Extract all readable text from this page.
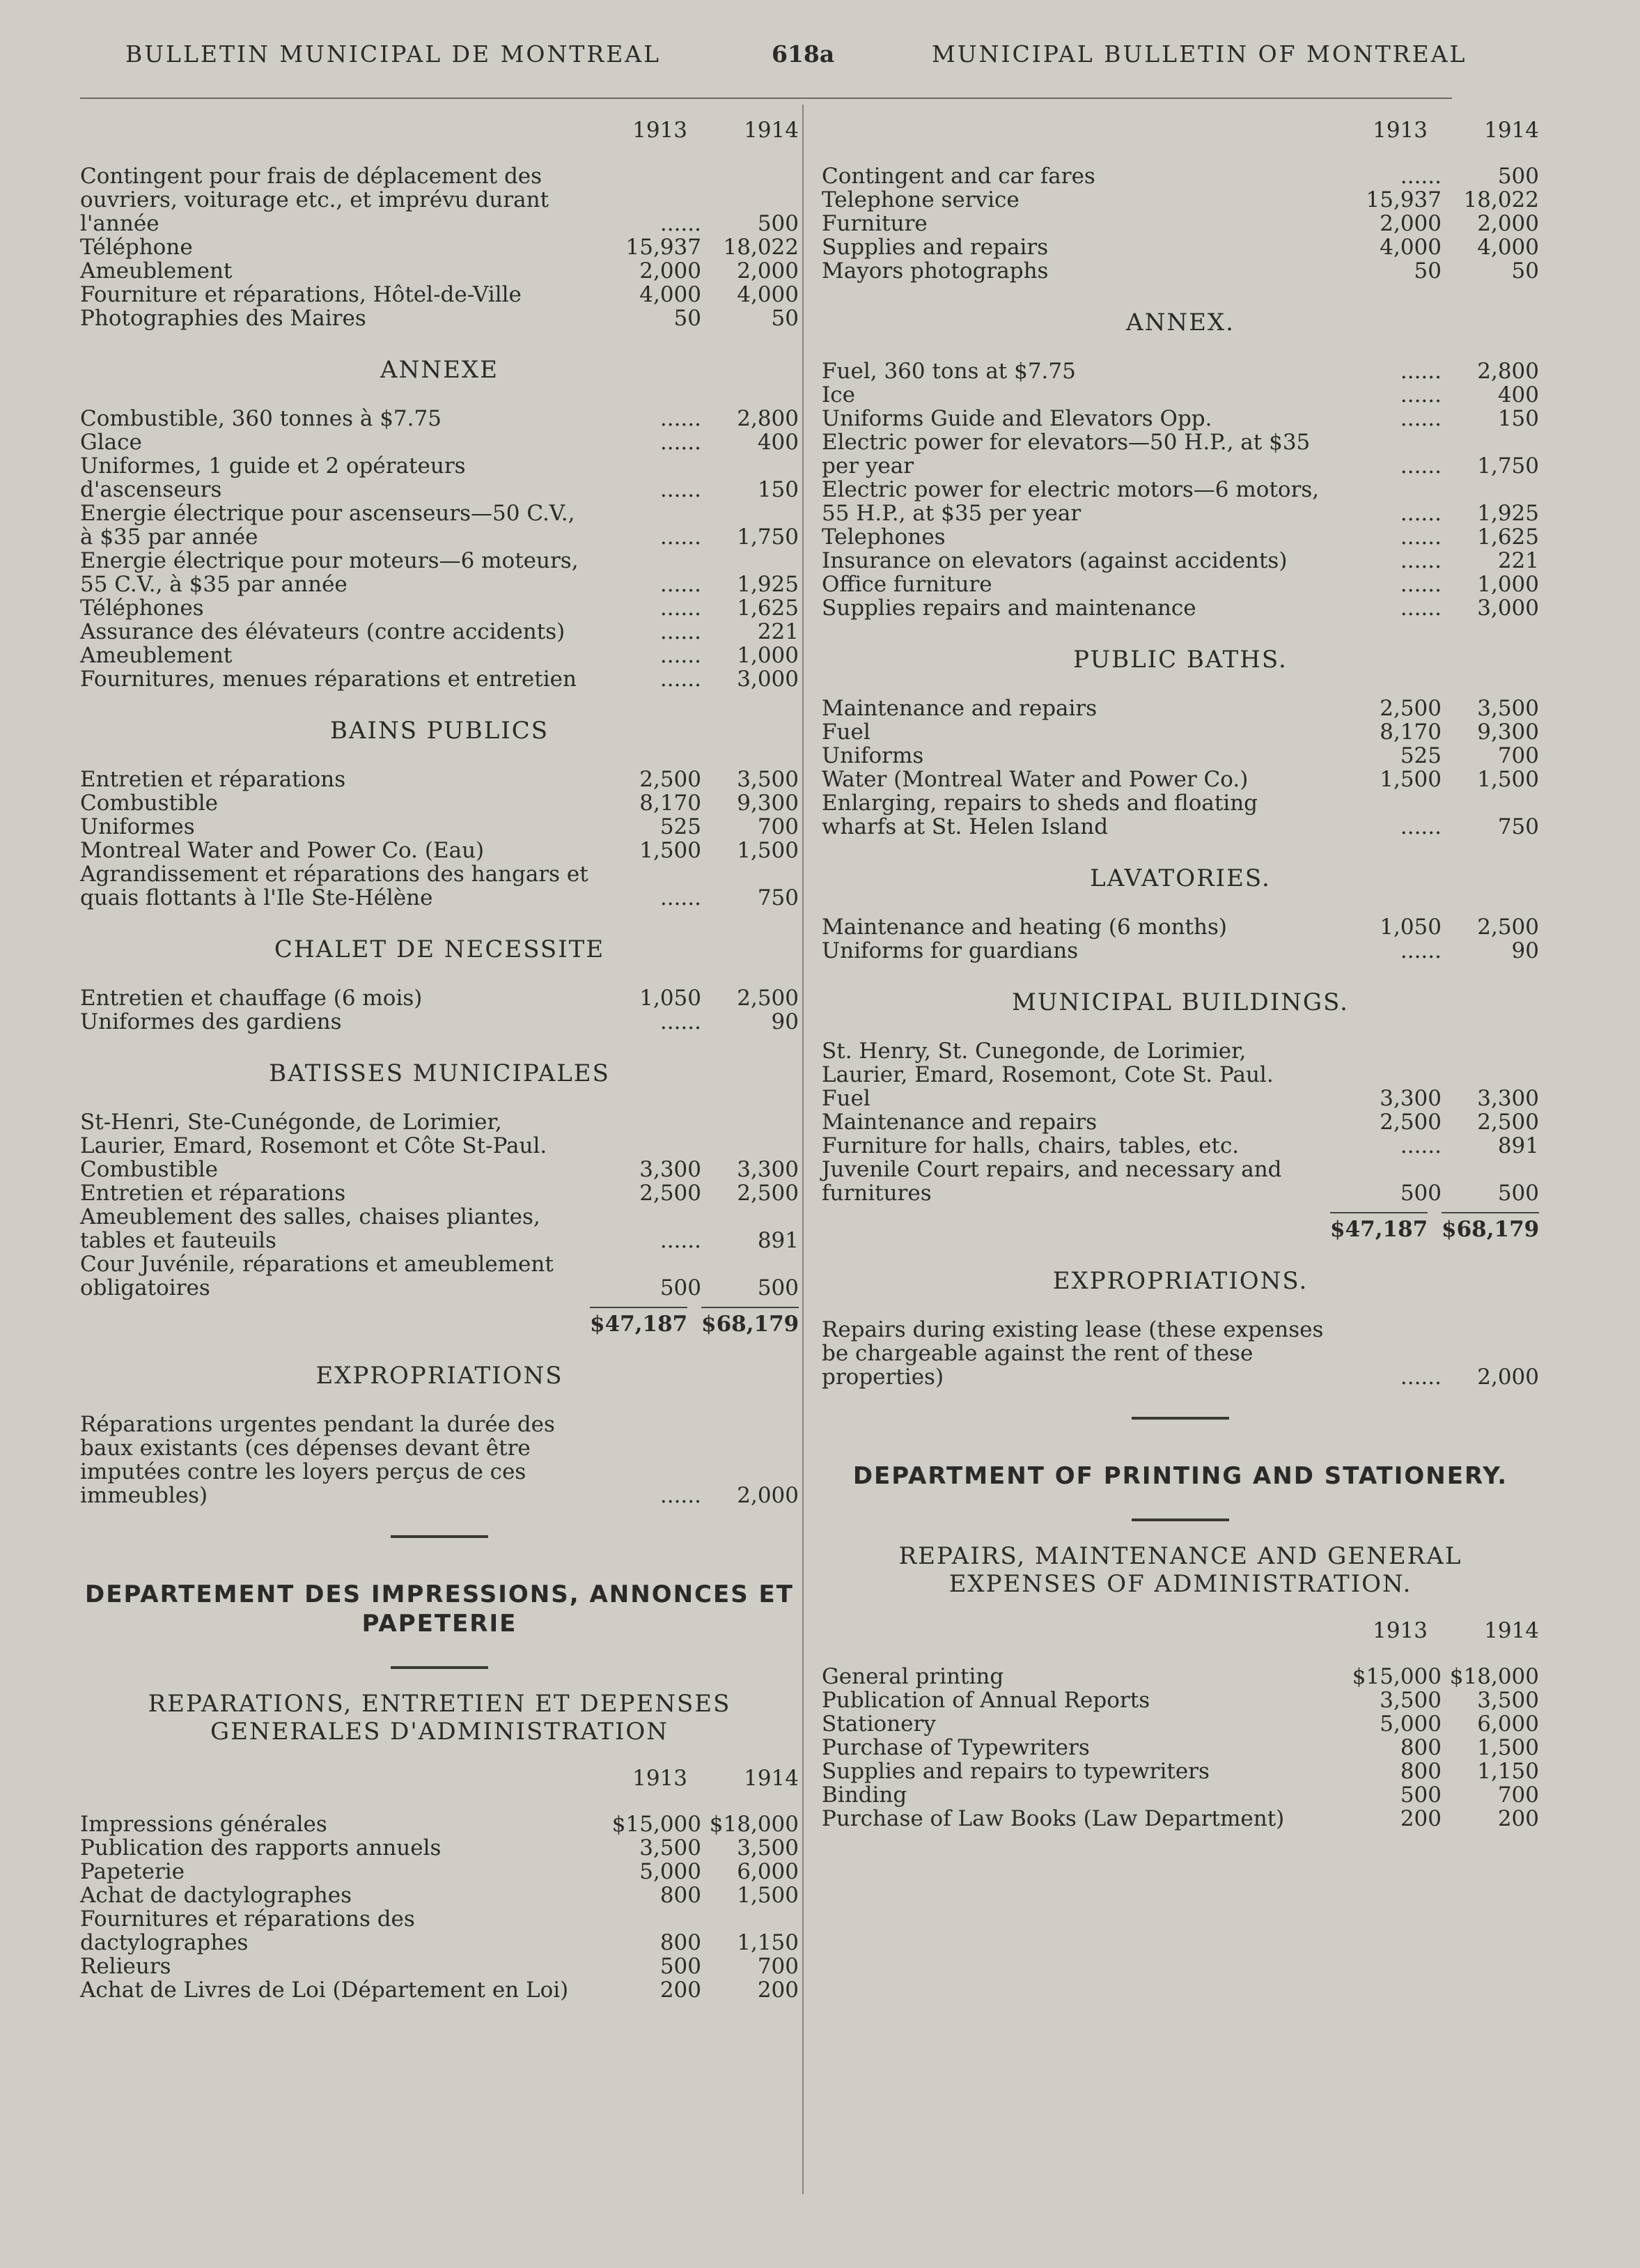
BULLETIN MUNICIPAL DE MONTREAL	618a	MUNICIPAL BULLETIN OF MONTREAL
1913	1914
Contingent pour frais de déplacement des ouvriers, voiturage etc., et imprévu durant l'année	......	500
Téléphone	15,937	18,022
Ameublement	2,000	2,000
Fourniture et réparations, Hôtel-de-Ville	4,000	4,000
Photographies des Maires	50	50
ANNEXE
Combustible, 360 tonnes à $7.75	......	2,800
Glace	......	400
Uniformes, 1 guide et 2 opérateurs d'ascenseurs	......	150
Energie électrique pour ascenseurs—50 C.V., à $35 par année	......	1,750
Energie électrique pour moteurs—6 moteurs, 55 C.V., à $35 par année	......	1,925
Téléphones	......	1,625
Assurance des élévateurs (contre accidents)	......	221
Ameublement	......	1,000
Fournitures, menues réparations et entretien	......	3,000
BAINS PUBLICS
Entretien et réparations	2,500	3,500
Combustible	8,170	9,300
Uniformes	525	700
Montreal Water and Power Co. (Eau)	1,500	1,500
Agrandissement et réparations des hangars et quais flottants à l'Ile Ste-Hélène	......	750
CHALET DE NECESSITE
Entretien et chauffage (6 mois)	1,050	2,500
Uniformes des gardiens	......	90
BATISSES MUNICIPALES
St-Henri, Ste-Cunégonde, de Lorimier, Laurier, Emard, Rosemont et Côte St-Paul.
Combustible	3,300	3,300
Entretien et réparations	2,500	2,500
Ameublement des salles, chaises pliantes, tables et fauteuils	......	891
Cour Juvénile, réparations et ameublement obligatoires	500	500
$47,187 $68,179
EXPROPRIATIONS
Réparations urgentes pendant la durée des baux existants (ces dépenses devant être imputées contre les loyers perçus de ces immeubles)	......	2,000
DEPARTEMENT DES IMPRESSIONS, ANNONCES ET PAPETERIE
REPARATIONS, ENTRETIEN ET DEPENSES GENERALES D'ADMINISTRATION
1913	1914
Impressions générales	$15,000 $18,000
Publication des rapports annuels	3,500	3,500
Papeterie	5,000	6,000
Achat de dactylographes	800	1,500
Fournitures et réparations des dactylographes	800	1,150
Relieurs	500	700
Achat de Livres de Loi (Département en Loi)	200	200
1913	1914
Contingent and car fares	......	500
Telephone service	15,937	18,022
Furniture	2,000	2,000
Supplies and repairs	4,000	4,000
Mayors photographs	50	50
ANNEX.
Fuel, 360 tons at $7.75	......	2,800
Ice	......	400
Uniforms Guide and Elevators Opp.	......	150
Electric power for elevators—50 H.P., at $35 per year	......	1,750
Electric power for electric motors—6 motors, 55 H.P., at $35 per year	......	1,925
Telephones	......	1,625
Insurance on elevators (against accidents)	......	221
Office furniture	......	1,000
Supplies repairs and maintenance	......	3,000
PUBLIC BATHS.
Maintenance and repairs	2,500	3,500
Fuel	8,170	9,300
Uniforms	525	700
Water (Montreal Water and Power Co.)	1,500	1,500
Enlarging, repairs to sheds and floating wharfs at St. Helen Island	......	750
LAVATORIES.
Maintenance and heating (6 months)	1,050	2,500
Uniforms for guardians	......	90
MUNICIPAL BUILDINGS.
St. Henry, St. Cunegonde, de Lorimier, Laurier, Emard, Rosemont, Cote St. Paul.
Fuel	3,300	3,300
Maintenance and repairs	2,500	2,500
Furniture for halls, chairs, tables, etc.	......	891
Juvenile Court repairs, and necessary and furnitures	500	500
$47,187 $68,179
EXPROPRIATIONS.
Repairs during existing lease (these expenses be chargeable against the rent of these properties)	......	2,000
DEPARTMENT OF PRINTING AND STATIONERY.
REPAIRS, MAINTENANCE AND GENERAL EXPENSES OF ADMINISTRATION.
1913	1914
General printing	$15,000 $18,000
Publication of Annual Reports	3,500	3,500
Stationery	5,000	6,000
Purchase of Typewriters	800	1,500
Supplies and repairs to typewriters	800	1,150
Binding	500	700
Purchase of Law Books (Law Department)	200	200
